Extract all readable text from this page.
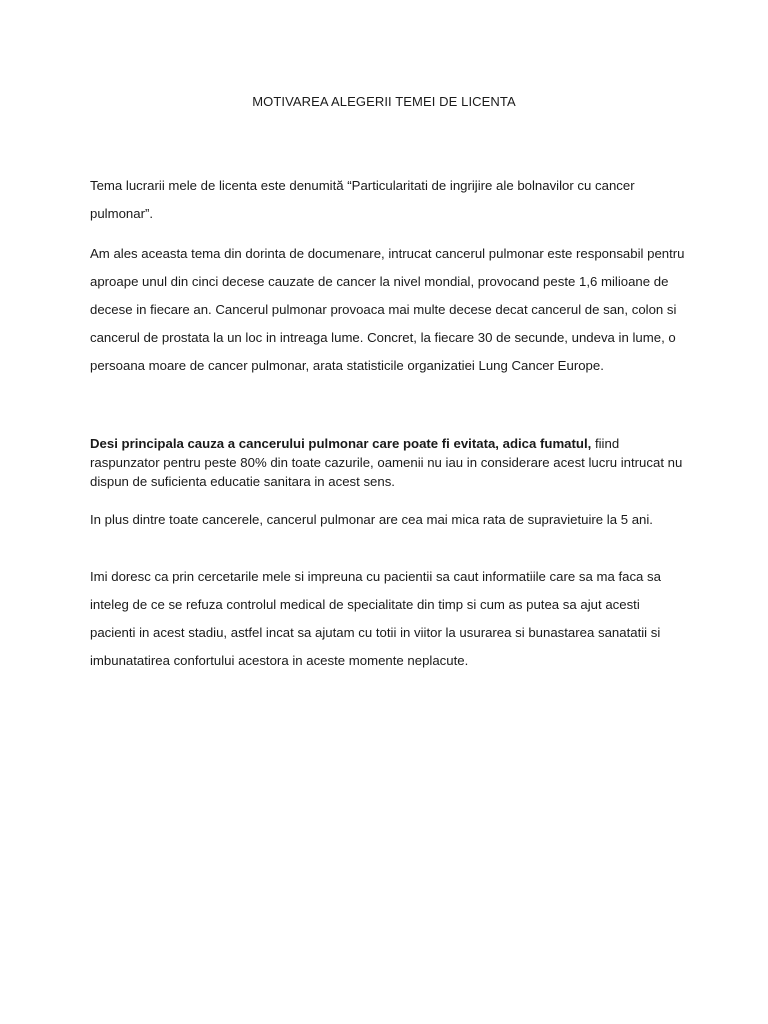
MOTIVAREA ALEGERII TEMEI DE LICENTA

Tema lucrarii mele de licenta este denumită “Particularitati de ingrijire ale bolnavilor cu cancer pulmonar”.

Am ales aceasta tema din dorinta de documenare, intrucat cancerul pulmonar este responsabil pentru aproape unul din cinci decese cauzate de cancer la nivel mondial, provocand peste 1,6 milioane de decese in fiecare an. Cancerul pulmonar provoaca mai multe decese decat cancerul de san, colon si cancerul de prostata la un loc in intreaga lume. Concret, la fiecare 30 de secunde, undeva in lume, o persoana moare de cancer pulmonar, arata statisticile organizatiei Lung Cancer Europe.

Desi principala cauza a cancerului pulmonar care poate fi evitata, adica fumatul, fiind raspunzator pentru peste 80% din toate cazurile, oamenii nu iau in considerare acest lucru intrucat nu dispun de suficienta educatie sanitara in acest sens.

In plus dintre toate cancerele, cancerul pulmonar are cea mai mica rata de supravietuire la 5 ani.

Imi doresc ca prin cercetarile mele si impreuna cu pacientii sa caut informatiile care sa ma faca sa inteleg de ce se refuza controlul medical de specialitate din timp si cum as putea sa ajut acesti pacienti in acest stadiu, astfel incat sa ajutam cu totii in viitor la usurarea si bunastarea sanatatii si imbunatatirea confortului acestora in aceste momente neplacute.
